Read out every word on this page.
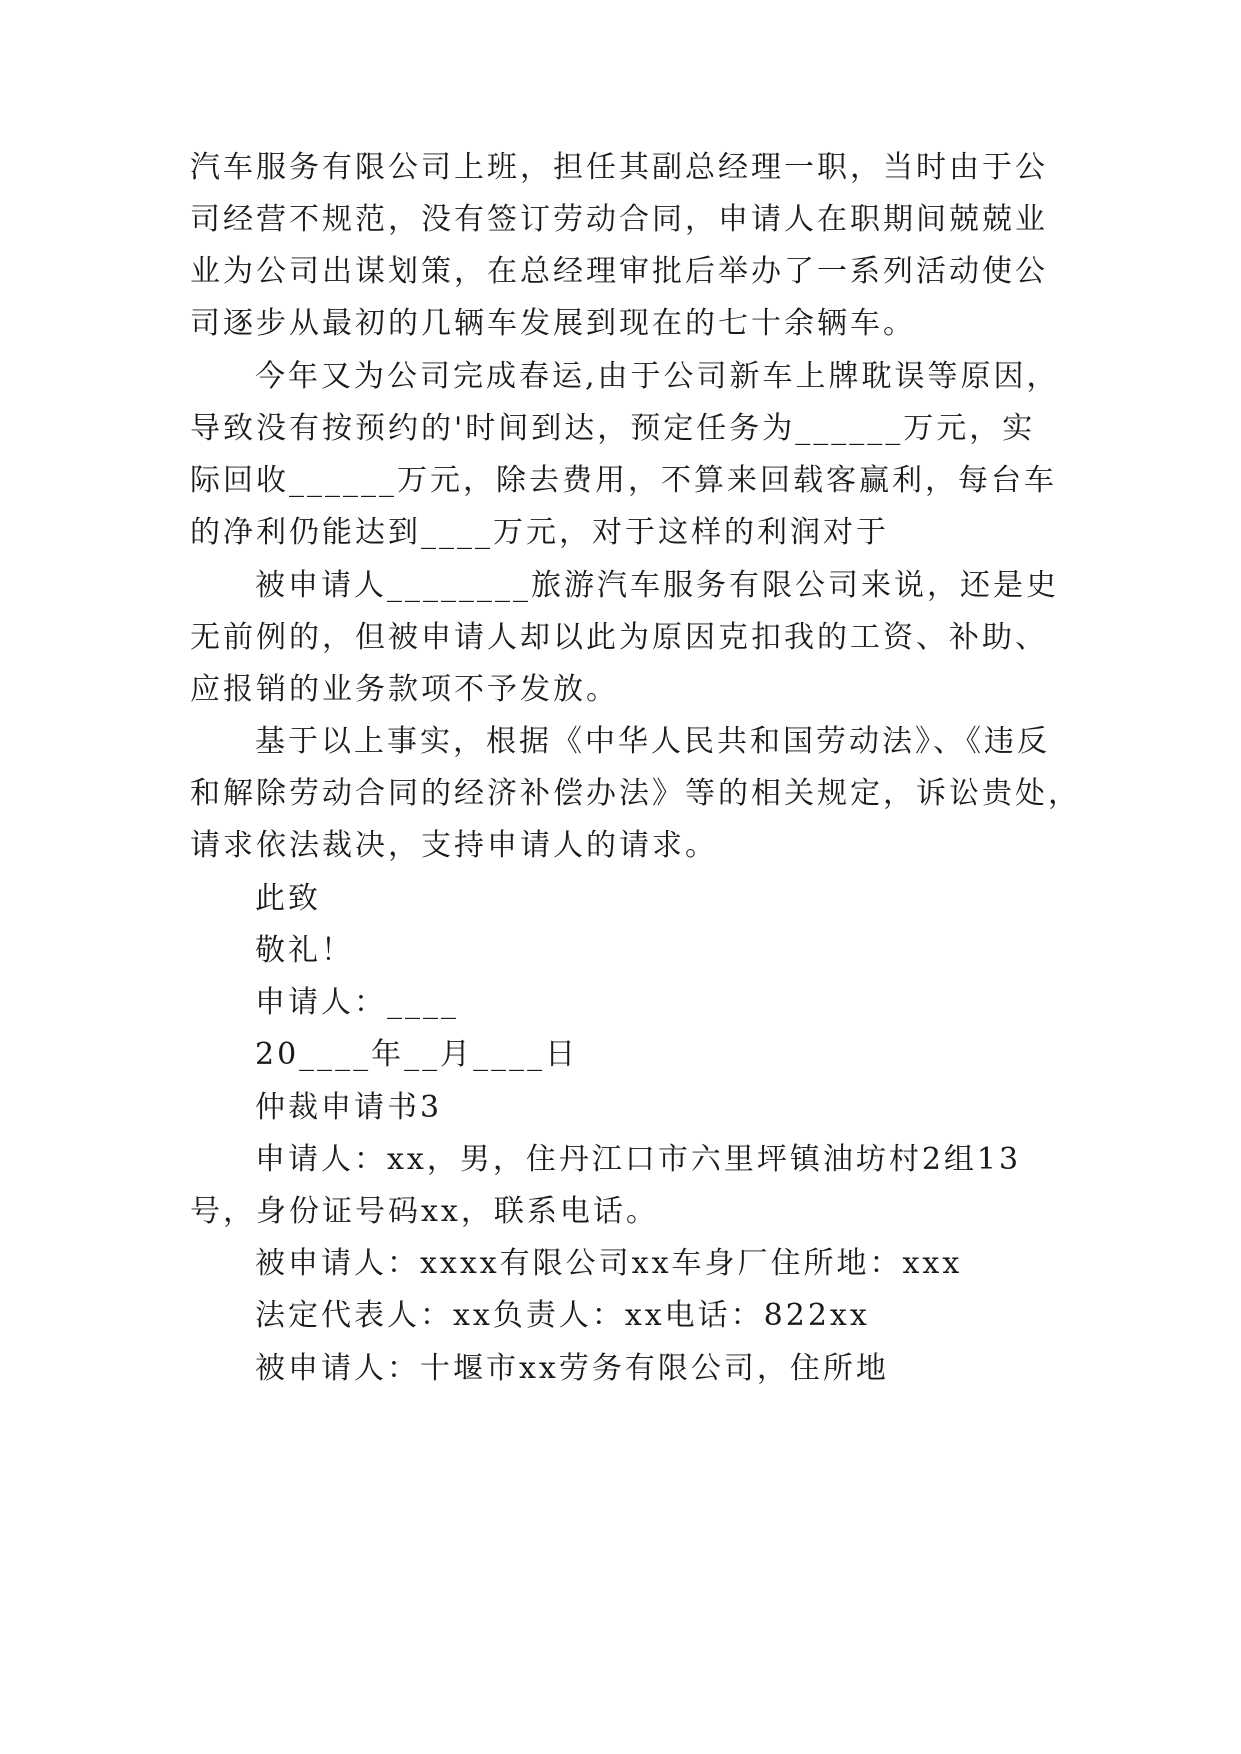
汽车服务有限公司上班，担任其副总经理一职，当时由于公
司经营不规范，没有签订劳动合同，申请人在职期间兢兢业
业为公司出谋划策，在总经理审批后举办了一系列活动使公
司逐步从最初的几辆车发展到现在的七十余辆车。
今年又为公司完成春运,由于公司新车上牌耽误等原因，
导致没有按预约的'时间到达，预定任务为______万元，实
际回收______万元，除去费用，不算来回载客赢利，每台车
的净利仍能达到____万元，对于这样的利润对于
被申请人________旅游汽车服务有限公司来说，还是史
无前例的，但被申请人却以此为原因克扣我的工资、补助、
应报销的业务款项不予发放。
基于以上事实，根据《中华人民共和国劳动法》、《违反
和解除劳动合同的经济补偿办法》等的相关规定，诉讼贵处，
请求依法裁决，支持申请人的请求。
此致
敬礼！
申请人：____
20____年__月____日
仲裁申请书3
申请人：xx，男，住丹江口市六里坪镇油坊村2组13
号，身份证号码xx，联系电话。
被申请人：xxxx有限公司xx车身厂住所地：xxx
法定代表人：xx负责人：xx电话：822xx
被申请人：十堰市xx劳务有限公司，住所地
